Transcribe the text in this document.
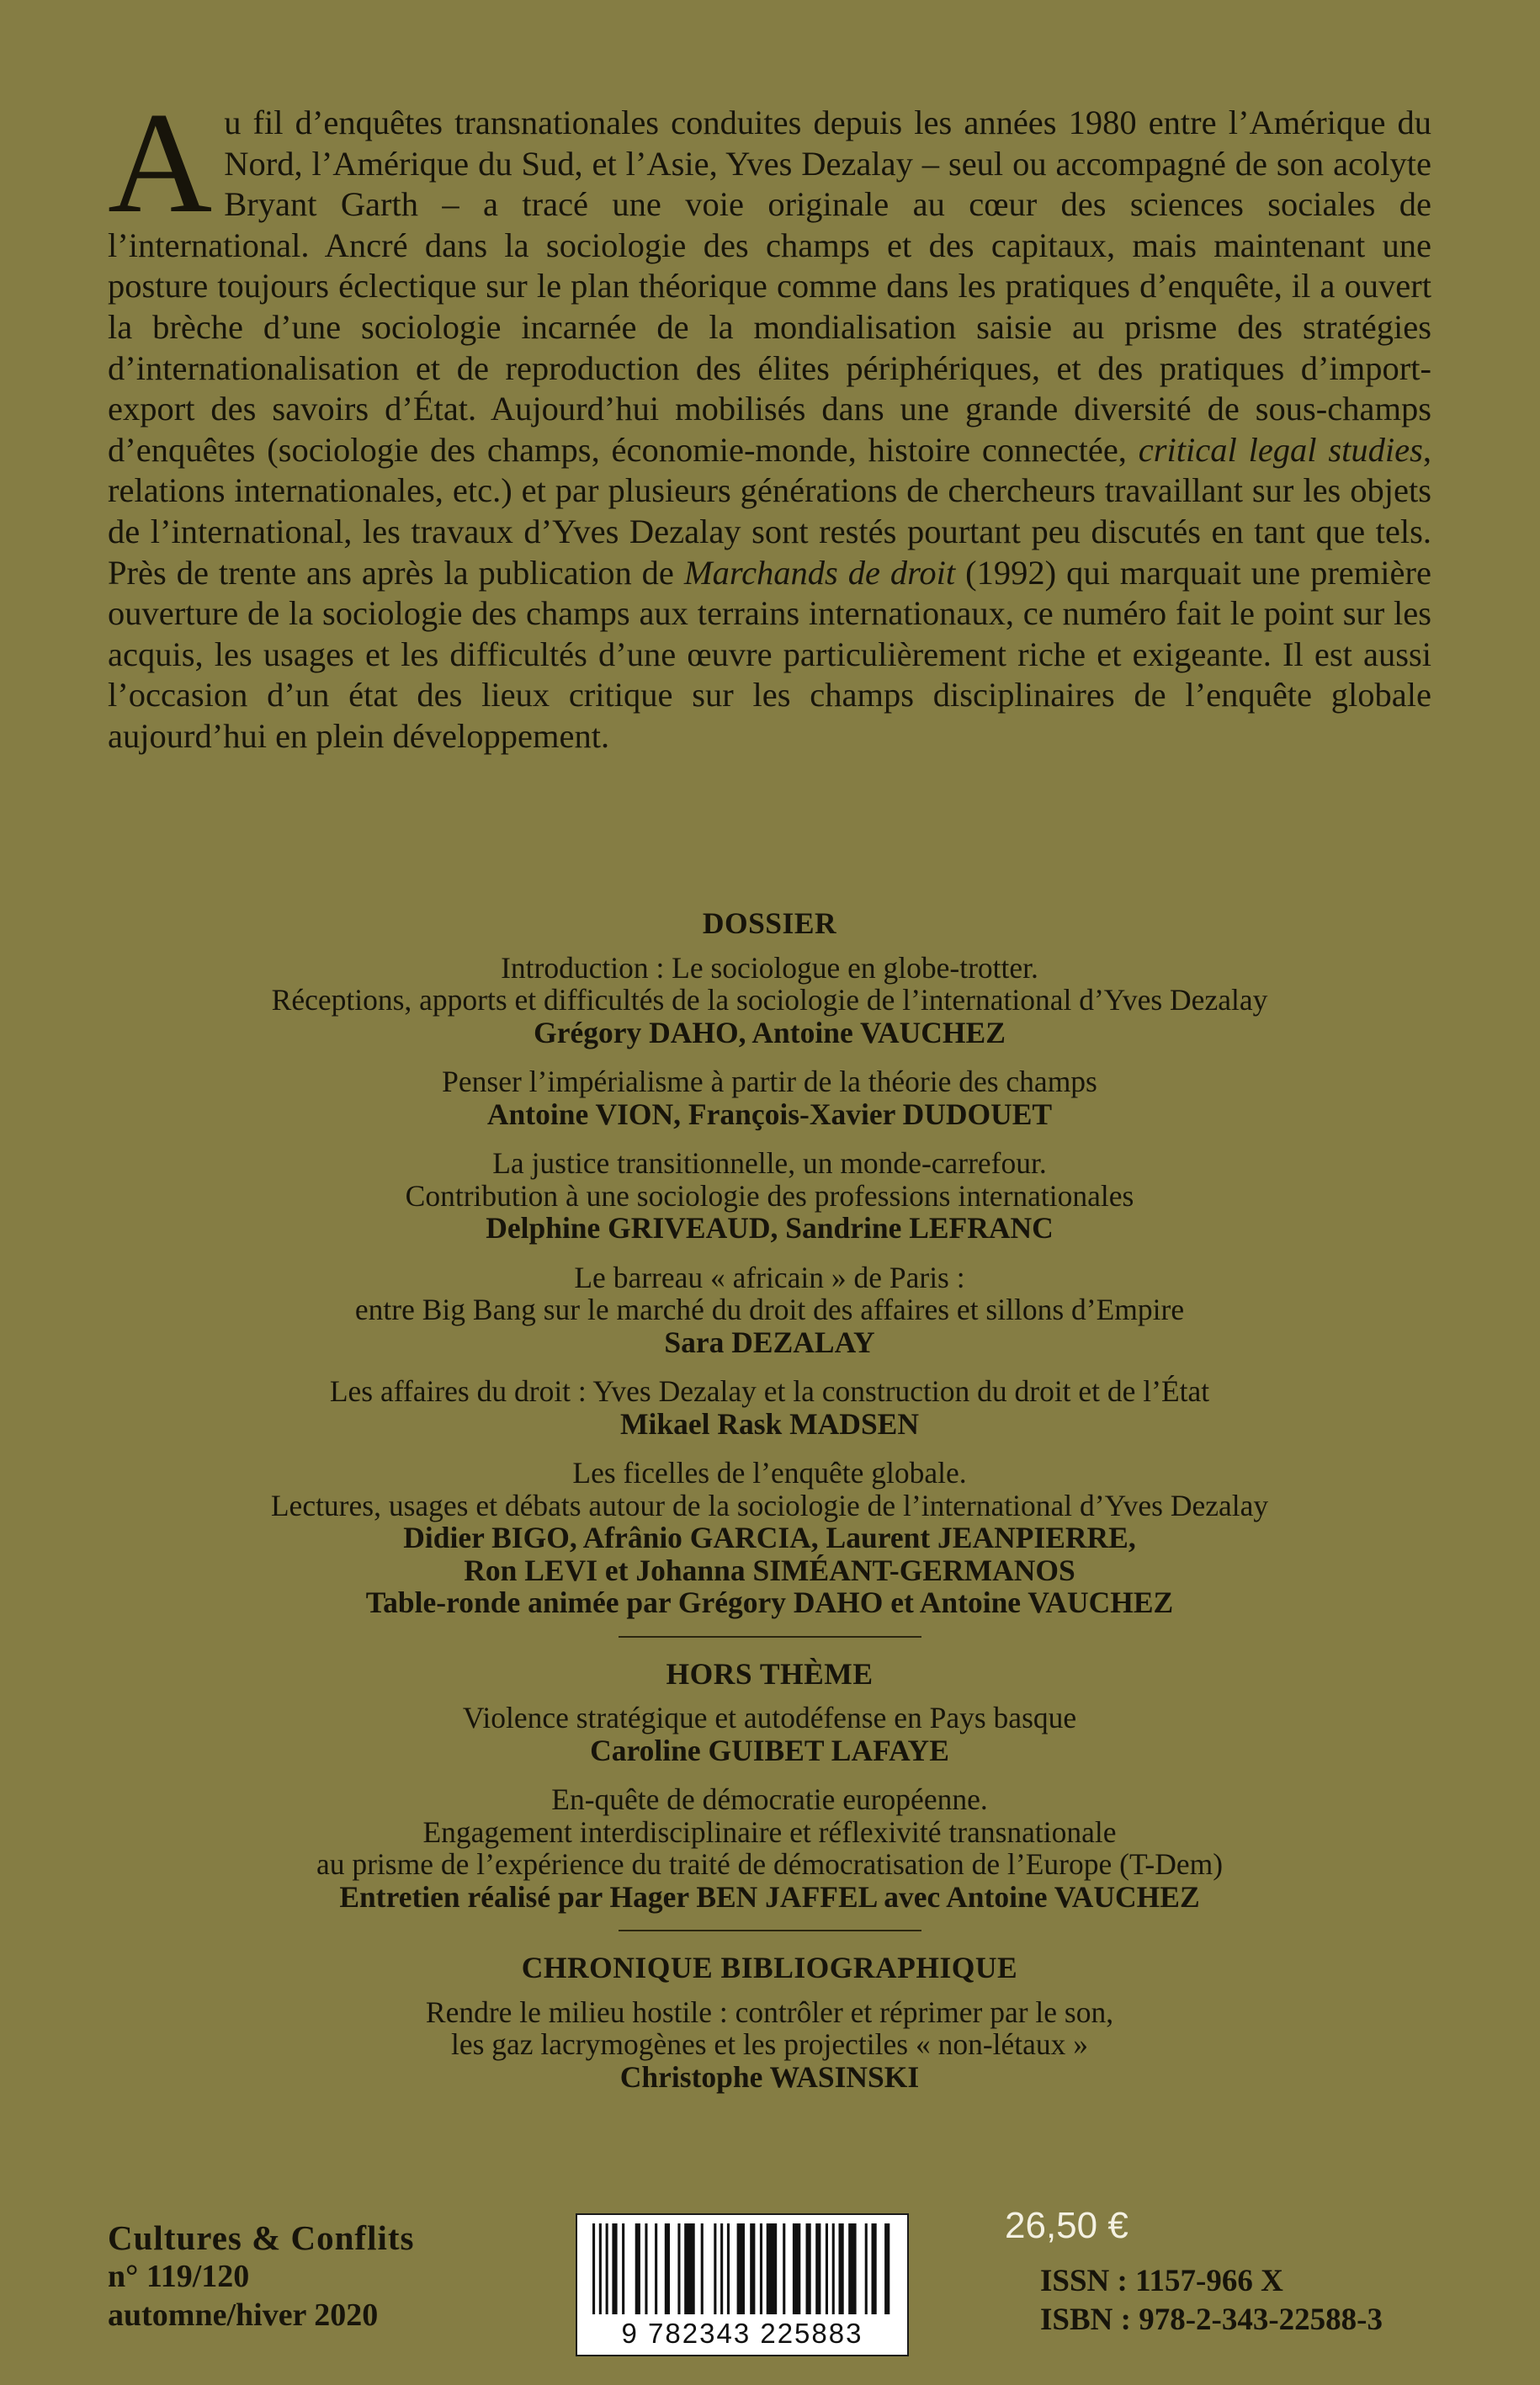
Au fil d’enquêtes transnationales conduites depuis les années 1980 entre l’Amérique du Nord, l’Amérique du Sud, et l’Asie, Yves Dezalay – seul ou accompagné de son acolyte Bryant Garth – a tracé une voie originale au cœur des sciences sociales de l’international. Ancré dans la sociologie des champs et des capitaux, mais maintenant une posture toujours éclectique sur le plan théorique comme dans les pratiques d’enquête, il a ouvert la brèche d’une sociologie incarnée de la mondialisation saisie au prisme des stratégies d’internationalisation et de reproduction des élites périphériques, et des pratiques d’import-export des savoirs d’État. Aujourd’hui mobilisés dans une grande diversité de sous-champs d’enquêtes (sociologie des champs, économie-monde, histoire connectée, critical legal studies, relations internationales, etc.) et par plusieurs générations de chercheurs travaillant sur les objets de l’international, les travaux d’Yves Dezalay sont restés pourtant peu discutés en tant que tels. Près de trente ans après la publication de Marchands de droit (1992) qui marquait une première ouverture de la sociologie des champs aux terrains internationaux, ce numéro fait le point sur les acquis, les usages et les difficultés d’une œuvre particulièrement riche et exigeante. Il est aussi l’occasion d’un état des lieux critique sur les champs disciplinaires de l’enquête globale aujourd’hui en plein développement.
DOSSIER
Introduction : Le sociologue en globe-trotter.
Réceptions, apports et difficultés de la sociologie de l’international d’Yves Dezalay
Grégory DAHO, Antoine VAUCHEZ
Penser l’impérialisme à partir de la théorie des champs
Antoine VION, François-Xavier DUDOUET
La justice transitionnelle, un monde-carrefour.
Contribution à une sociologie des professions internationales
Delphine GRIVEAUD, Sandrine LEFRANC
Le barreau « africain » de Paris :
entre Big Bang sur le marché du droit des affaires et sillons d’Empire
Sara DEZALAY
Les affaires du droit : Yves Dezalay et la construction du droit et de l’État
Mikael Rask MADSEN
Les ficelles de l’enquête globale.
Lectures, usages et débats autour de la sociologie de l’international d’Yves Dezalay
Didier BIGO, Afrânio GARCIA, Laurent JEANPIERRE,
Ron LEVI et Johanna SIMÉANT-GERMANOS
Table-ronde animée par Grégory DAHO et Antoine VAUCHEZ
HORS THÈME
Violence stratégique et autodéfense en Pays basque
Caroline GUIBET LAFAYE
En-quête de démocratie européenne.
Engagement interdisciplinaire et réflexivité transnationale
au prisme de l’expérience du traité de démocratisation de l’Europe (T-Dem)
Entretien réalisé par Hager BEN JAFFEL avec Antoine VAUCHEZ
CHRONIQUE BIBLIOGRAPHIQUE
Rendre le milieu hostile : contrôler et réprimer par le son,
les gaz lacrymogènes et les projectiles « non-létaux »
Christophe WASINSKI
Cultures & Conflits
n° 119/120
automne/hiver 2020
9 782343 225883
26,50 €
ISSN : 1157-966 X
ISBN : 978-2-343-22588-3
